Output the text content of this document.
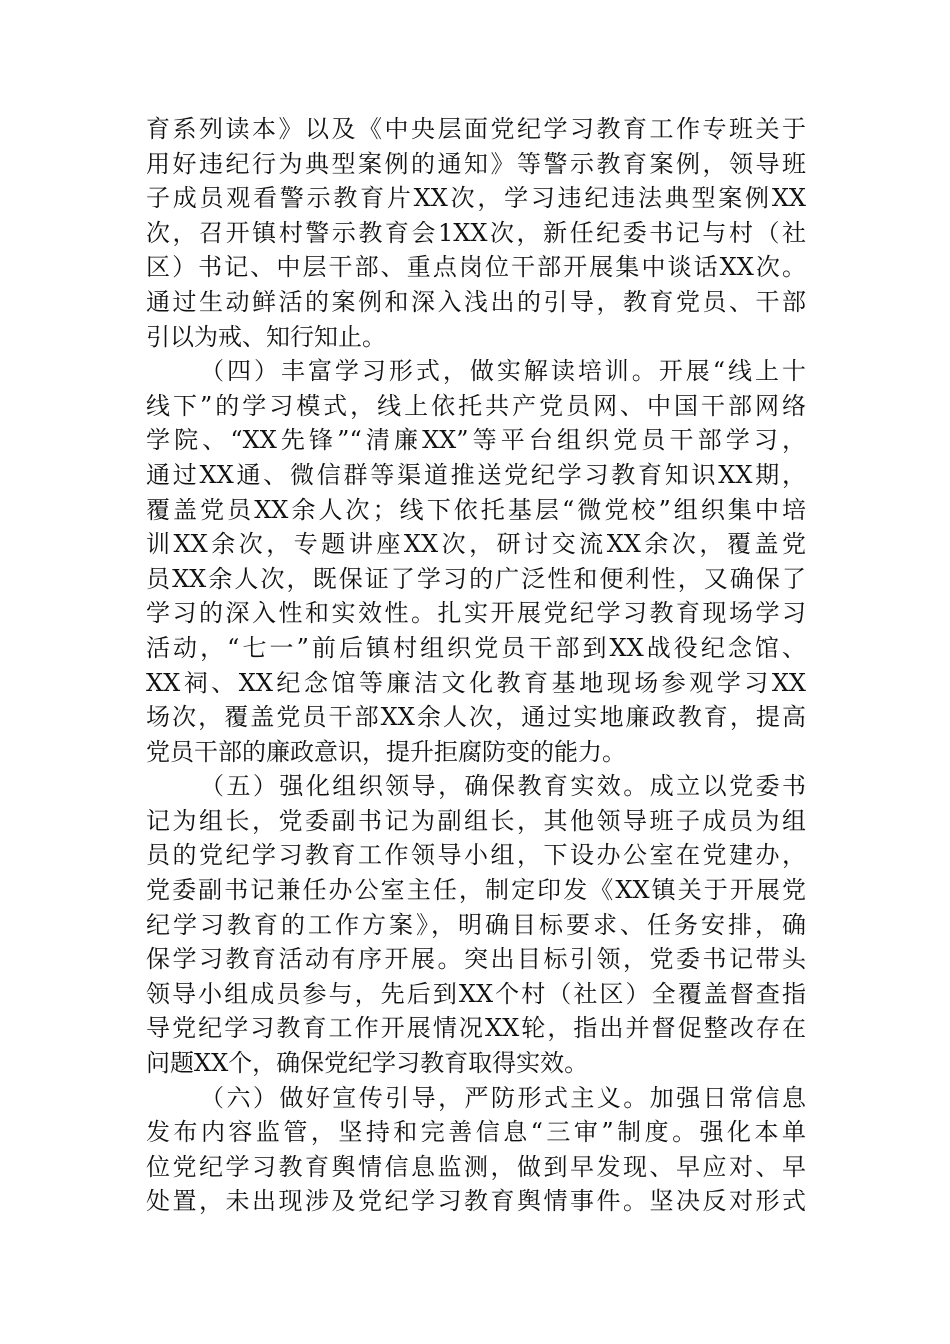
育系列读本》以及《中央层面党纪学习教育工作专班关于
用好违纪行为典型案例的通知》等警示教育案例，领导班
子成员观看警示教育片XX次，学习违纪违法典型案例XX
次，召开镇村警示教育会1XX次，新任纪委书记与村（社
区）书记、中层干部、重点岗位干部开展集中谈话XX次。
通过生动鲜活的案例和深入浅出的引导，教育党员、干部
引以为戒、知行知止。
（四）丰富学习形式，做实解读培训。开展“线上十
线下”的学习模式，线上依托共产党员网、中国干部网络
学院、“XX先锋”“清廉XX”等平台组织党员干部学习，
通过XX通、微信群等渠道推送党纪学习教育知识XX期，
覆盖党员XX余人次；线下依托基层“微党校”组织集中培
训XX余次，专题讲座XX次，研讨交流XX余次，覆盖党
员XX余人次，既保证了学习的广泛性和便利性，又确保了
学习的深入性和实效性。扎实开展党纪学习教育现场学习
活动，“七一”前后镇村组织党员干部到XX战役纪念馆、
XX祠、XX纪念馆等廉洁文化教育基地现场参观学习XX
场次，覆盖党员干部XX余人次，通过实地廉政教育，提高
党员干部的廉政意识，提升拒腐防变的能力。
（五）强化组织领导，确保教育实效。成立以党委书
记为组长，党委副书记为副组长，其他领导班子成员为组
员的党纪学习教育工作领导小组，下设办公室在党建办，
党委副书记兼任办公室主任，制定印发《XX镇关于开展党
纪学习教育的工作方案》，明确目标要求、任务安排，确
保学习教育活动有序开展。突出目标引领，党委书记带头
领导小组成员参与，先后到XX个村（社区）全覆盖督查指
导党纪学习教育工作开展情况XX轮，指出并督促整改存在
问题XX个，确保党纪学习教育取得实效。
（六）做好宣传引导，严防形式主义。加强日常信息
发布内容监管，坚持和完善信息“三审”制度。强化本单
位党纪学习教育舆情信息监测，做到早发现、早应对、早
处置，未出现涉及党纪学习教育舆情事件。坚决反对形式
